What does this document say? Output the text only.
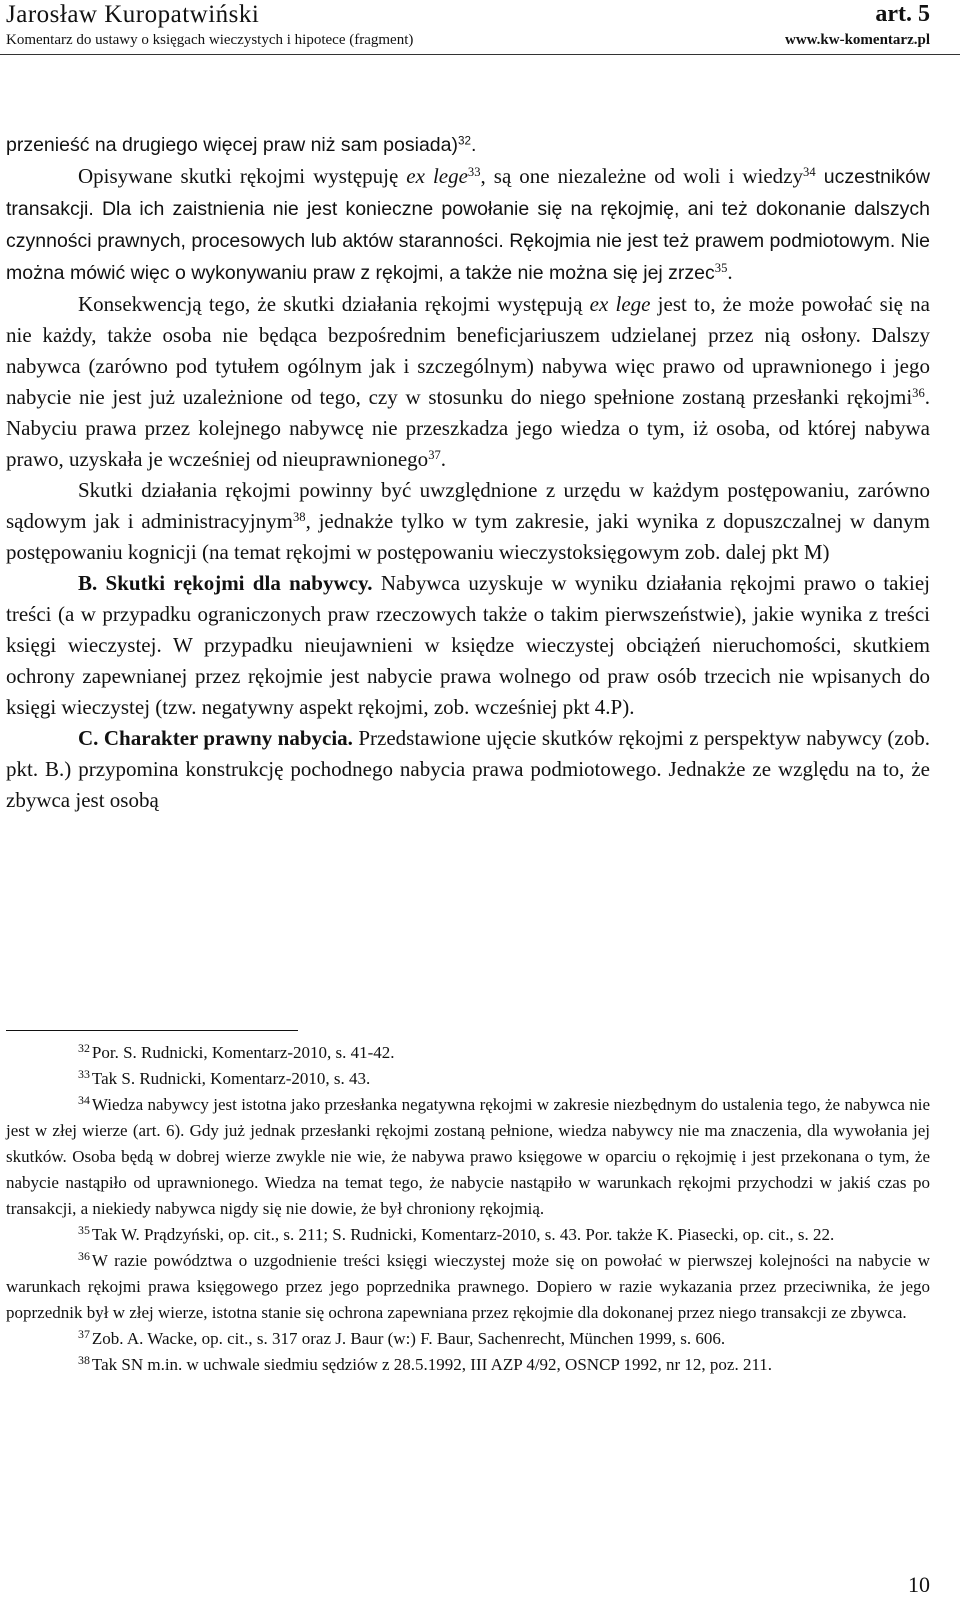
Jarosław Kuropatwiński	art. 5
Komentarz do ustawy o księgach wieczystych i hipotece (fragment)	www.kw-komentarz.pl

przenieść na drugiego więcej praw niż sam posiada)$^{32}$.

Opisywane skutki rękojmi występuję ex lege$^{33}$, są one niezależne od woli i wiedzy$^{34}$ uczestników transakcji. Dla ich zaistnienia nie jest konieczne powołanie się na rękojmię, ani też dokonanie dalszych czynności prawnych, procesowych lub aktów staranności. Rękojmia nie jest też prawem podmiotowym. Nie można mówić więc o wykonywaniu praw z rękojmi, a także nie można się jej zrzec$^{35}$.

Konsekwencją tego, że skutki działania rękojmi występują ex lege jest to, że może powołać się na nie każdy, także osoba nie będąca bezpośrednim beneficjariuszem udzielanej przez nią osłony. Dalszy nabywca (zarówno pod tytułem ogólnym jak i szczególnym) nabywa więc prawo od uprawnionego i jego nabycie nie jest już uzależnione od tego, czy w stosunku do niego spełnione zostaną przesłanki rękojmi$^{36}$. Nabyciu prawa przez kolejnego nabywcę nie przeszkadza jego wiedza o tym, iż osoba, od której nabywa prawo, uzyskała je wcześniej od nieuprawnionego$^{37}$.

Skutki działania rękojmi powinny być uwzględnione z urzędu w każdym postępowaniu, zarówno sądowym jak i administracyjnym$^{38}$, jednakże tylko w tym zakresie, jaki wynika z dopuszczalnej w danym postępowaniu kognicji (na temat rękojmi w postępowaniu wieczystoksięgowym zob. dalej pkt M)

B. Skutki rękojmi dla nabywcy. Nabywca uzyskuje w wyniku działania rękojmi prawo o takiej treści (a w przypadku ograniczonych praw rzeczowych także o takim pierwszeństwie), jakie wynika z treści księgi wieczystej. W przypadku nieujawnieni w księdze wieczystej obciążeń nieruchomości, skutkiem ochrony zapewnianej przez rękojmie jest nabycie prawa wolnego od praw osób trzecich nie wpisanych do księgi wieczystej (tzw. negatywny aspekt rękojmi, zob. wcześniej pkt 4.P).

C. Charakter prawny nabycia. Przedstawione ujęcie skutków rękojmi z perspektyw nabywcy (zob. pkt. B.) przypomina konstrukcję pochodnego nabycia prawa podmiotowego. Jednakże ze względu na to, że zbywca jest osobą

$^{32}$ Por. S. Rudnicki, Komentarz-2010, s. 41-42.

$^{33}$ Tak S. Rudnicki, Komentarz-2010, s. 43.

$^{34}$ Wiedza nabywcy jest istotna jako przesłanka negatywna rękojmi w zakresie niezbędnym do ustalenia tego, że nabywca nie jest w złej wierze (art. 6). Gdy już jednak przesłanki rękojmi zostaną pełnione, wiedza nabywcy nie ma znaczenia, dla wywołania jej skutków. Osoba będą w dobrej wierze zwykle nie wie, że nabywa prawo księgowe w oparciu o rękojmię i jest przekonana o tym, że nabycie nastąpiło od uprawnionego. Wiedza na temat tego, że nabycie nastąpiło w warunkach rękojmi przychodzi w jakiś czas po transakcji, a niekiedy nabywca nigdy się nie dowie, że był chroniony rękojmią.

$^{35}$ Tak W. Prądzyński, op. cit., s. 211; S. Rudnicki, Komentarz-2010, s. 43. Por. także K. Piasecki, op. cit., s. 22.

$^{36}$ W razie powództwa o uzgodnienie treści księgi wieczystej może się on powołać w pierwszej kolejności na nabycie w warunkach rękojmi prawa księgowego przez jego poprzednika prawnego. Dopiero w razie wykazania przez przeciwnika, że jego poprzednik był w złej wierze, istotna stanie się ochrona zapewniana przez rękojmie dla dokonanej przez niego transakcji ze zbywca.

$^{37}$ Zob. A. Wacke, op. cit., s. 317 oraz J. Baur (w:) F. Baur, Sachenrecht, München 1999, s. 606.

$^{38}$ Tak SN m.in. w uchwale siedmiu sędziów z 28.5.1992, III AZP 4/92, OSNCP 1992, nr 12, poz. 211.

10
